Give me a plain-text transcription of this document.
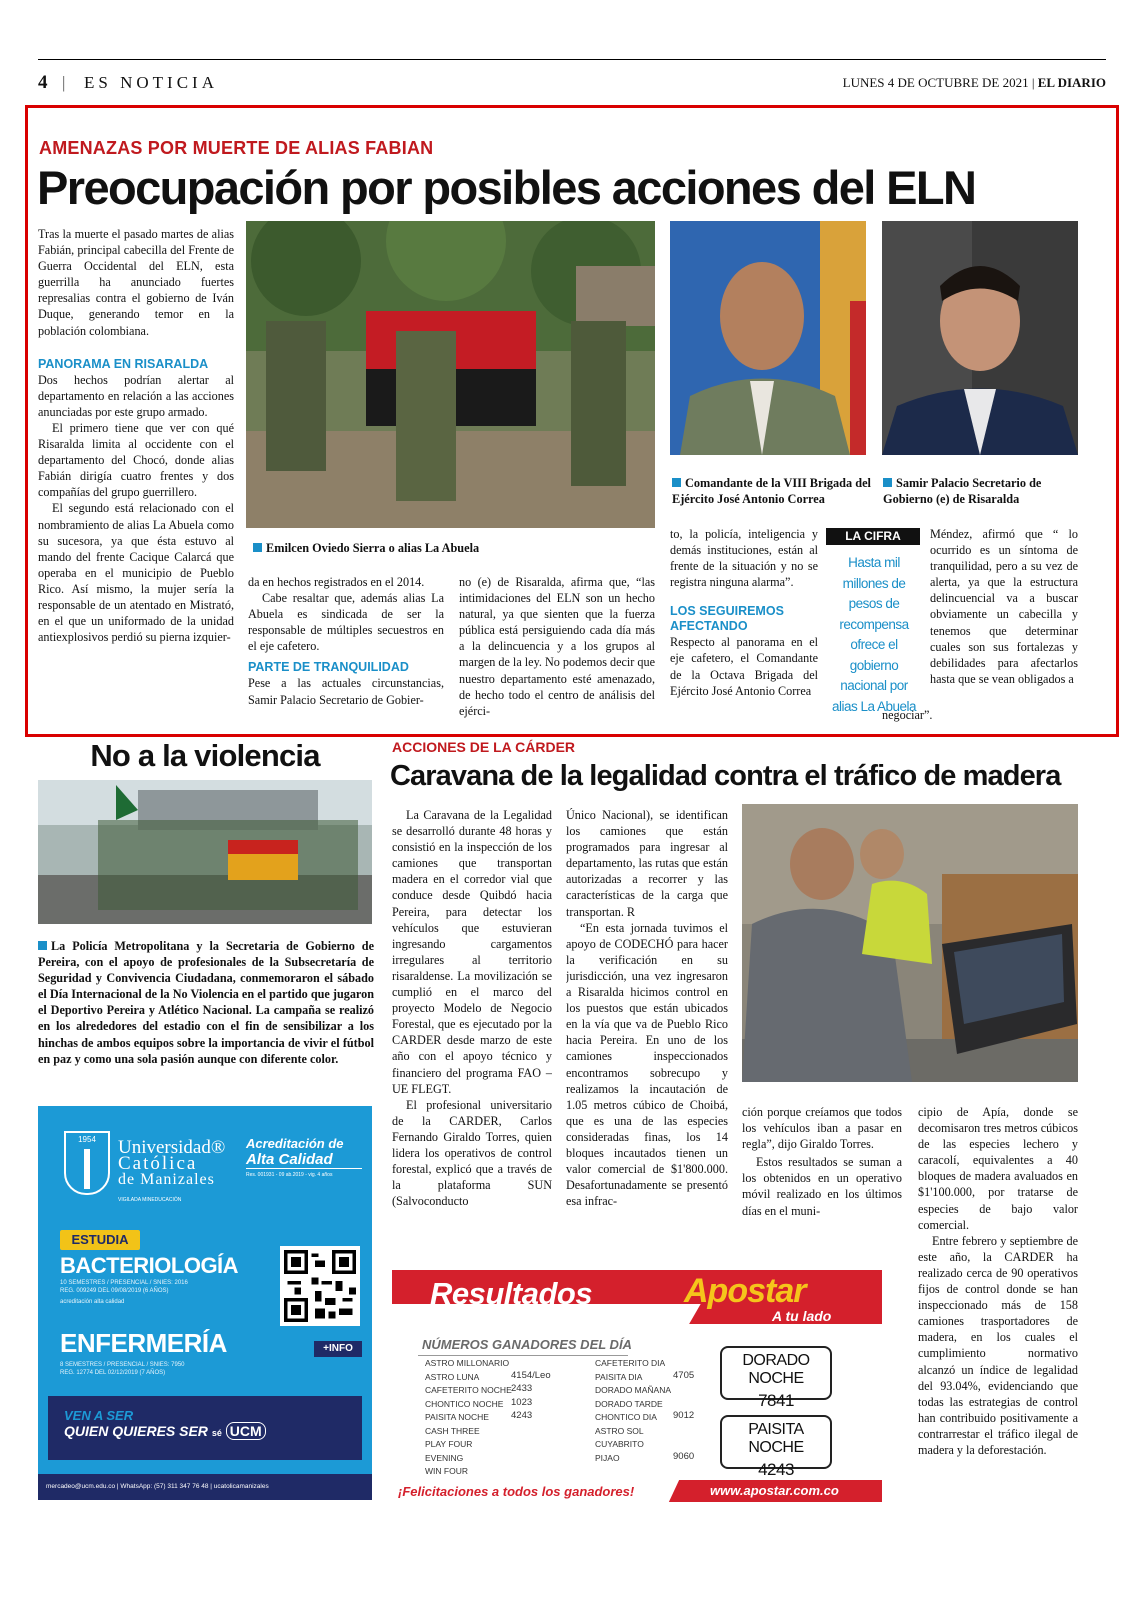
4 | ES NOTICIA	LUNES 4 DE OCTUBRE DE 2021 | EL DIARIO
AMENAZAS POR MUERTE DE ALIAS FABIAN
Preocupación por posibles acciones del ELN

Tras la muerte el pasado martes de alias Fabián, principal cabecilla del Frente de Guerra Occidental del ELN, esta guerrilla ha anunciado fuertes represalias contra el gobierno de Iván Duque, generando temor en la población colombiana.

PANORAMA EN RISARALDA

Dos hechos podrían alertar al departamento en relación a las acciones anunciadas por este grupo armado.

El primero tiene que ver con qué Risaralda limita al occidente con el departamento del Chocó, donde alias Fabián dirigía cuatro frentes y dos compañías del grupo guerrillero.

El segundo está relacionado con el nombramiento de alias La Abuela como su sucesora, ya que ésta estuvo al mando del frente Cacique Calarcá que operaba en el municipio de Pueblo Rico. Así mismo, la mujer sería la responsable de un atentado en Mistrató, en el que un uniformado de la unidad antiexplosivos perdió su pierna izquier-

Emilcen Oviedo Sierra o alias La Abuela

da en hechos registrados en el 2014.

Cabe resaltar que, además alias La Abuela es sindicada de ser la responsable de múltiples secuestros en el eje cafetero.

PARTE DE TRANQUILIDAD

Pese a las actuales circunstancias, Samir Palacio Secretario de Gobier-

no (e) de Risaralda, afirma que, “las intimidaciones del ELN son un hecho natural, ya que sienten que la fuerza pública está persiguiendo cada día más a la delincuencia y a los grupos al margen de la ley. No podemos decir que nuestro departamento esté amenazado, de hecho todo el centro de análisis del ejérci-

Comandante de la VIII Brigada del Ejército José Antonio Correa
Samir Palacio Secretario de Gobierno (e) de Risaralda

to, la policía, inteligencia y demás instituciones, están al frente de la situación y no se registra ninguna alarma”.

LOS SEGUIREMOS AFECTANDO

Respecto al panorama en el eje cafetero, el Comandante de la Octava Brigada del Ejército José Antonio Correa

LA CIFRA
Hasta mil millones de pesos de recompensa ofrece el gobierno nacional por alias La Abuela

Méndez, afirmó que “ lo ocurrido es un síntoma de tranquilidad, pero a su vez de alerta, ya que la estructura delincuencial va a buscar obviamente un cabecilla y tenemos que determinar cuales son sus fortalezas y debilidades para afectarlos hasta que se vean obligados a

negociar”.
No a la violencia
La Policía Metropolitana y la Secretaria de Gobierno de Pereira, con el apoyo de profesionales de la Subsecretaría de Seguridad y Convivencia Ciudadana, conmemoraron el sábado el Día Internacional de la No Violencia en el partido que jugaron el Deportivo Pereira y Atlético Nacional. La campaña se realizó en los alrededores del estadio con el fin de sensibilizar a los hinchas de ambos equipos sobre la importancia de vivir el fútbol en paz y como una sola pasión aunque con diferente color.
1954	Universidad®
Católica
de Manizales
VIGILADA MINEDUCACIÓN
Acreditación de
Alta Calidad
Res. 001931 - 09 ab.2019 - vig. 4 años
ESTUDIA
BACTERIOLOGÍA
10 SEMESTRES / PRESENCIAL / SNIES: 2016
REG. 009249 DEL 09/08/2019 (6 AÑOS)
acreditación alta calidad
ENFERMERÍA	+INFO
8 SEMESTRES / PRESENCIAL / SNIES: 7950
REG. 12774 DEL 02/12/2019 (7 AÑOS)
VEN A SER
QUIEN QUIERES SER sé UCM
mercadeo@ucm.edu.co | WhatsApp: (57) 311 347 76 48 | ucatolicamanizales
ACCIONES DE LA CÁRDER
Caravana de la legalidad contra el tráfico de madera

La Caravana de la Legalidad se desarrolló durante 48 horas y consistió en la inspección de los camiones que transportan madera en el corredor vial que conduce desde Quibdó hacia Pereira, para detectar los vehículos que estuvieran ingresando cargamentos irregulares al territorio risaraldense. La movilización se cumplió en el marco del proyecto Modelo de Negocio Forestal, que es ejecutado por la CARDER desde marzo de este año con el apoyo técnico y financiero del programa FAO – UE FLEGT.

El profesional universitario de la CARDER, Carlos Fernando Giraldo Torres, quien lidera los operativos de control forestal, explicó que a través de la plataforma SUN (Salvoconducto

Único Nacional), se identifican los camiones que están programados para ingresar al departamento, las rutas que están autorizadas a recorrer y las características de la carga que transportan. R

“En esta jornada tuvimos el apoyo de CODECHÓ para hacer la verificación en su jurisdicción, una vez ingresaron a Risaralda hicimos control en los puestos que están ubicados en la vía que va de Pueblo Rico hacia Pereira. En uno de los camiones inspeccionados encontramos sobrecupo y realizamos la incautación de 1.05 metros cúbico de Choibá, que es una de las especies consideradas finas, los 14 bloques incautados tienen un valor comercial de $1'800.000. Desafortunadamente se presentó esa infrac-

ción porque creíamos que todos los vehículos iban a pasar en regla”, dijo Giraldo Torres.

Estos resultados se suman a los obtenidos en un operativo móvil realizado en los últimos días en el muni-

cipio de Apía, donde se decomisaron tres metros cúbicos de las especies lechero y caracolí, equivalentes a 40 bloques de madera avaluados en $1'100.000, por tratarse de especies de bajo valor comercial.

Entre febrero y septiembre de este año, la CARDER ha realizado cerca de 90 operativos fijos de control donde se han inspeccionado más de 158 camiones trasportadores de madera, en los cuales el cumplimiento normativo alcanzó un índice de legalidad del 93.04%, evidenciando que todas las estrategias de control han contribuido positivamente a contrarrestar el tráfico ilegal de madera y la deforestación.

Resultados	Apostar
A tu lado
NÚMEROS GANADORES DEL DÍA
ASTRO MILLONARIO
ASTRO LUNA	4154/Leo
CAFETERITO NOCHE 2433
CHONTICO NOCHE 1023
PAISITA NOCHE 4243
CASH THREE
PLAY FOUR
EVENING
WIN FOUR
CAFETERITO DIA
PAISITA DIA	4705
DORADO MAÑANA
DORADO TARDE
CHONTICO DIA 9012
ASTRO SOL
CUYABRITO
PIJAO	9060
DORADO NOCHE
7841
PAISITA NOCHE
4243
¡Felicitaciones a todos los ganadores!	www.apostar.com.co
